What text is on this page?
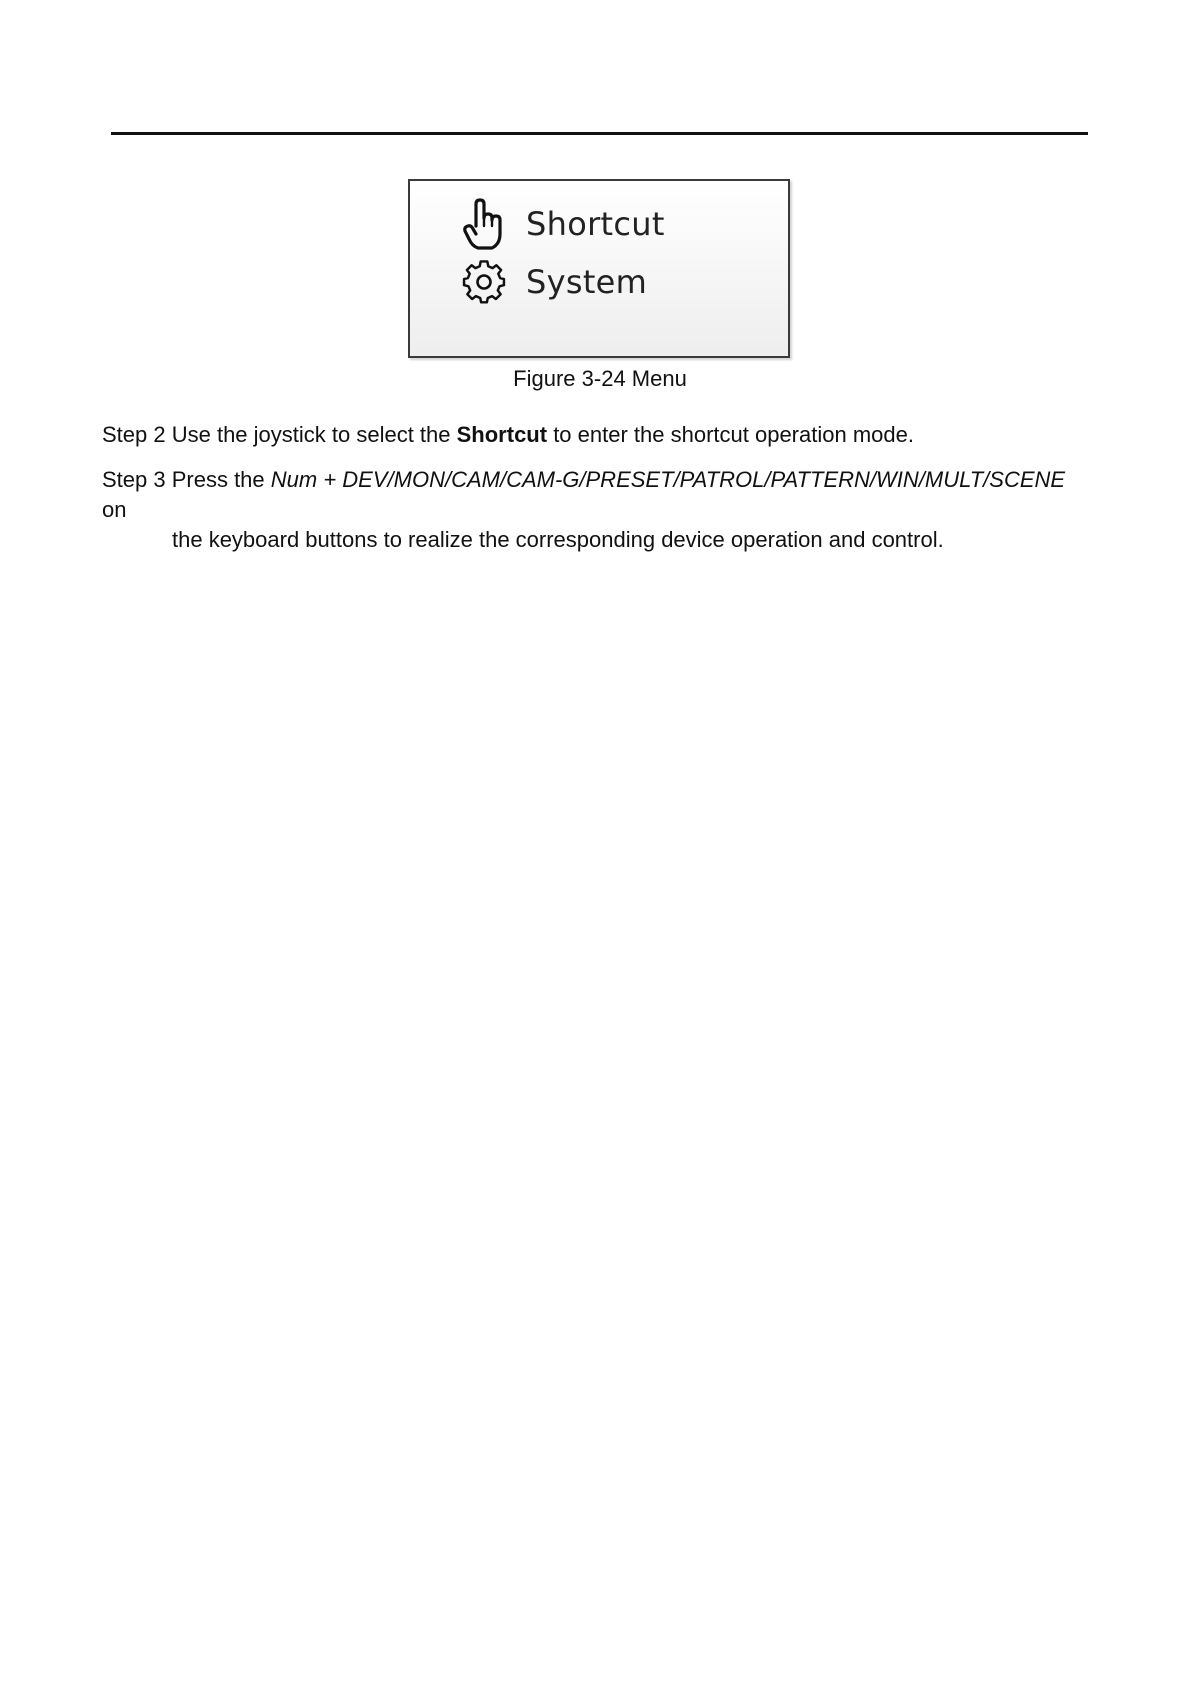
Shortcut
System
Figure 3-24 Menu
Step 2 Use the joystick to select the Shortcut to enter the shortcut operation mode.
Step 3 Press the Num + DEV/MON/CAM/CAM-G/PRESET/PATROL/PATTERN/WIN/MULT/SCENE on
the keyboard buttons to realize the corresponding device operation and control.
